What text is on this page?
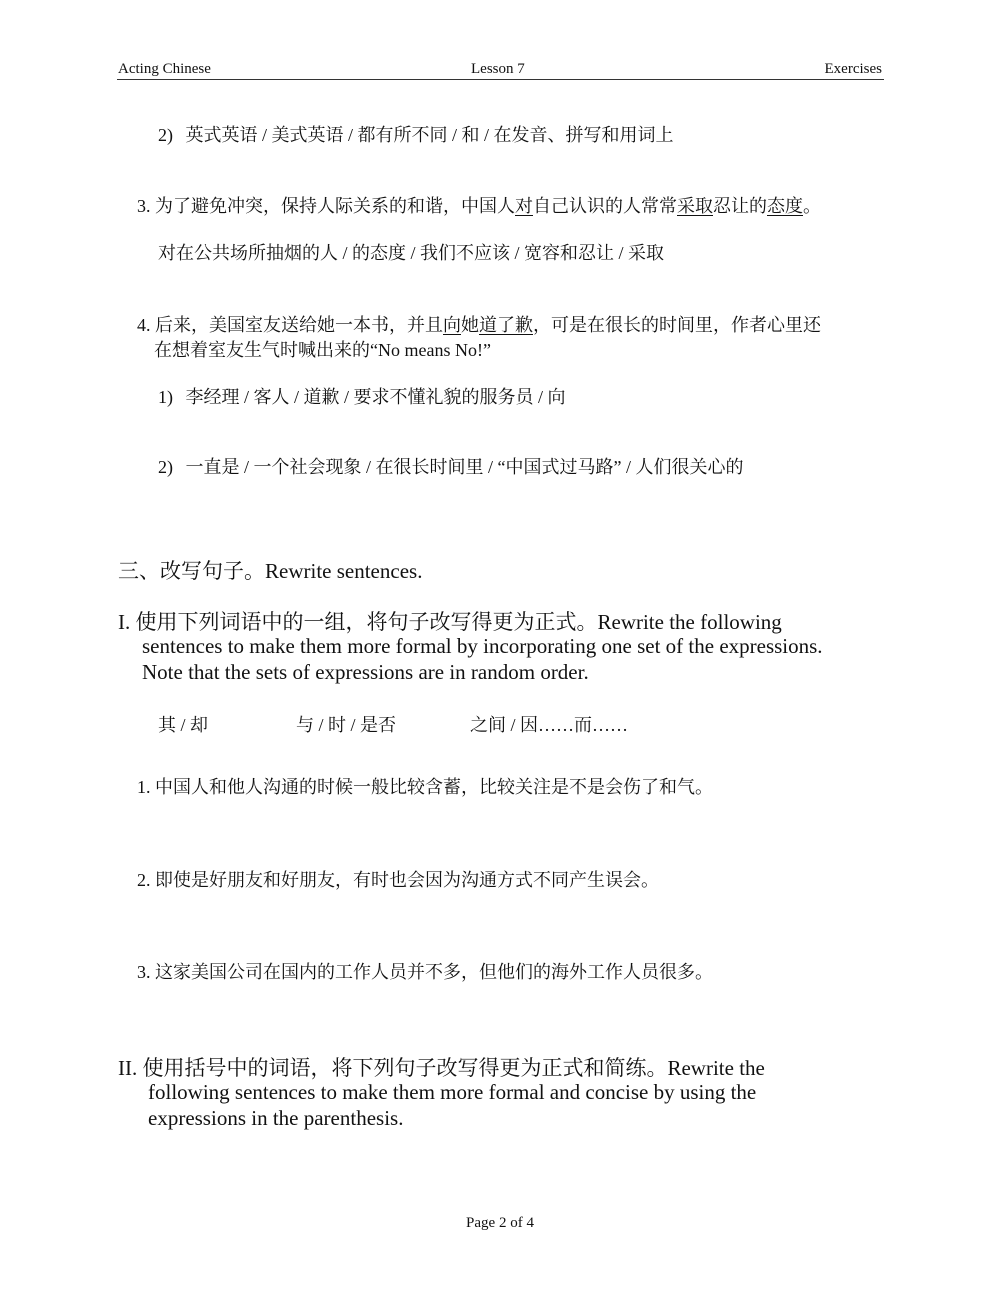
Acting Chinese	Lesson 7	Exercises
2) 英式英语 / 美式英语 / 都有所不同 / 和 / 在发音、拼写和用词上
3. 为了避免冲突，保持人际关系的和谐，中国人对自己认识的人常常采取忍让的态度。
对在公共场所抽烟的人 / 的态度 / 我们不应该 / 宽容和忍让 / 采取
4. 后来，美国室友送给她一本书，并且向她道了歉，可是在很长的时间里，作者心里还
在想着室友生气时喊出来的“No means No!”
1) 李经理 / 客人 / 道歉 / 要求不懂礼貌的服务员 / 向
2) 一直是 / 一个社会现象 / 在很长时间里 / “中国式过马路” / 人们很关心的
三、改写句子。Rewrite sentences.
I. 使用下列词语中的一组，将句子改写得更为正式。Rewrite the following
sentences to make them more formal by incorporating one set of the expressions.
Note that the sets of expressions are in random order.
其 / 却	与 / 时 / 是否	之间 / 因……而……
1. 中国人和他人沟通的时候一般比较含蓄，比较关注是不是会伤了和气。
2. 即使是好朋友和好朋友，有时也会因为沟通方式不同产生误会。
3. 这家美国公司在国内的工作人员并不多，但他们的海外工作人员很多。
II. 使用括号中的词语，将下列句子改写得更为正式和简练。Rewrite the
following sentences to make them more formal and concise by using the
expressions in the parenthesis.
Page 2 of 4
